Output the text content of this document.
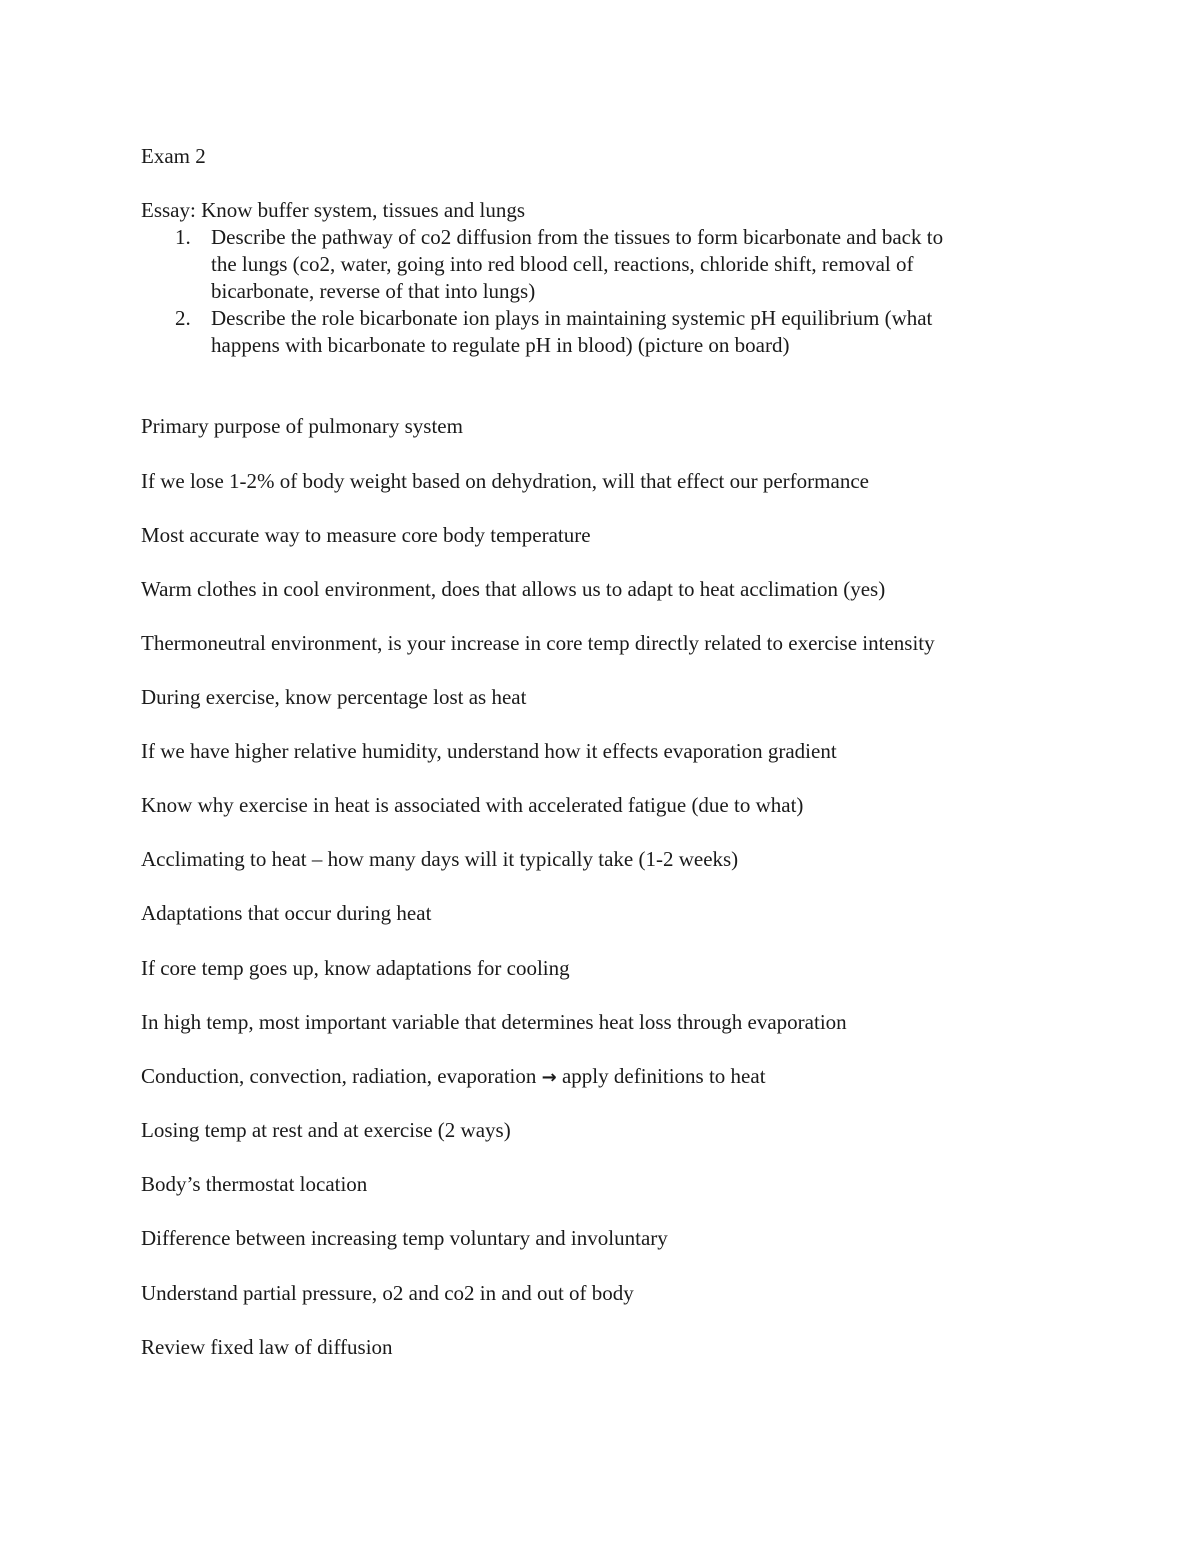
Exam 2
Essay: Know buffer system, tissues and lungs
1. Describe the pathway of co2 diffusion from the tissues to form bicarbonate and back to
the lungs (co2, water, going into red blood cell, reactions, chloride shift, removal of
bicarbonate, reverse of that into lungs)
2. Describe the role bicarbonate ion plays in maintaining systemic pH equilibrium (what
happens with bicarbonate to regulate pH in blood) (picture on board)
Primary purpose of pulmonary system
If we lose 1-2% of body weight based on dehydration, will that effect our performance
Most accurate way to measure core body temperature
Warm clothes in cool environment, does that allows us to adapt to heat acclimation (yes)
Thermoneutral environment, is your increase in core temp directly related to exercise intensity
During exercise, know percentage lost as heat
If we have higher relative humidity, understand how it effects evaporation gradient
Know why exercise in heat is associated with accelerated fatigue (due to what)
Acclimating to heat – how many days will it typically take (1-2 weeks)
Adaptations that occur during heat
If core temp goes up, know adaptations for cooling
In high temp, most important variable that determines heat loss through evaporation
Conduction, convection, radiation, evaporation → apply definitions to heat
Losing temp at rest and at exercise (2 ways)
Body’s thermostat location
Difference between increasing temp voluntary and involuntary
Understand partial pressure, o2 and co2 in and out of body
Review fixed law of diffusion
